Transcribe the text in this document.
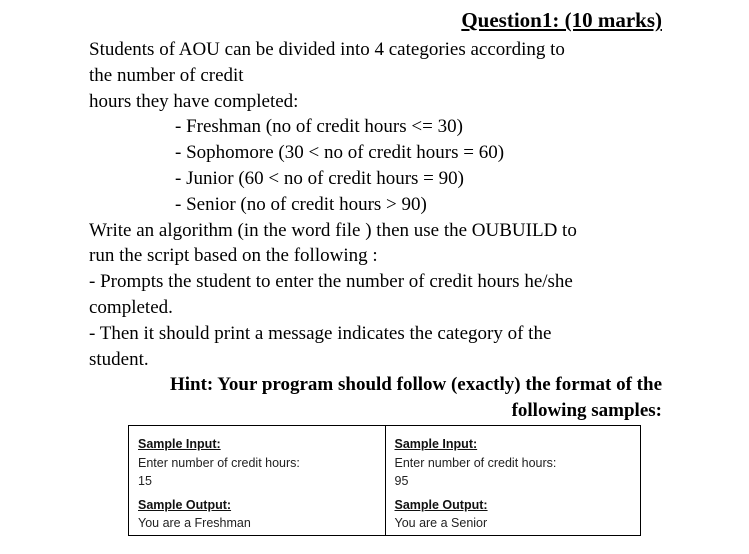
Question1: (10 marks)
Students of AOU can be divided into 4 categories according to
the number of credit
hours they have completed:
- Freshman (no of credit hours <= 30)
- Sophomore (30 < no of credit hours = 60)
- Junior (60 < no of credit hours = 90)
- Senior (no of credit hours > 90)
Write an algorithm (in the word file ) then use the OUBUILD to
run the script based on the following :
- Prompts the student to enter the number of credit hours he/she
completed.
- Then it should print a message indicates the category of the
student.
Hint: Your program should follow (exactly) the format of the
following samples:
Sample Input:
Enter number of credit hours:
15
Sample Output:
You are a Freshman
Sample Input:
Enter number of credit hours:
95
Sample Output:
You are a Senior
